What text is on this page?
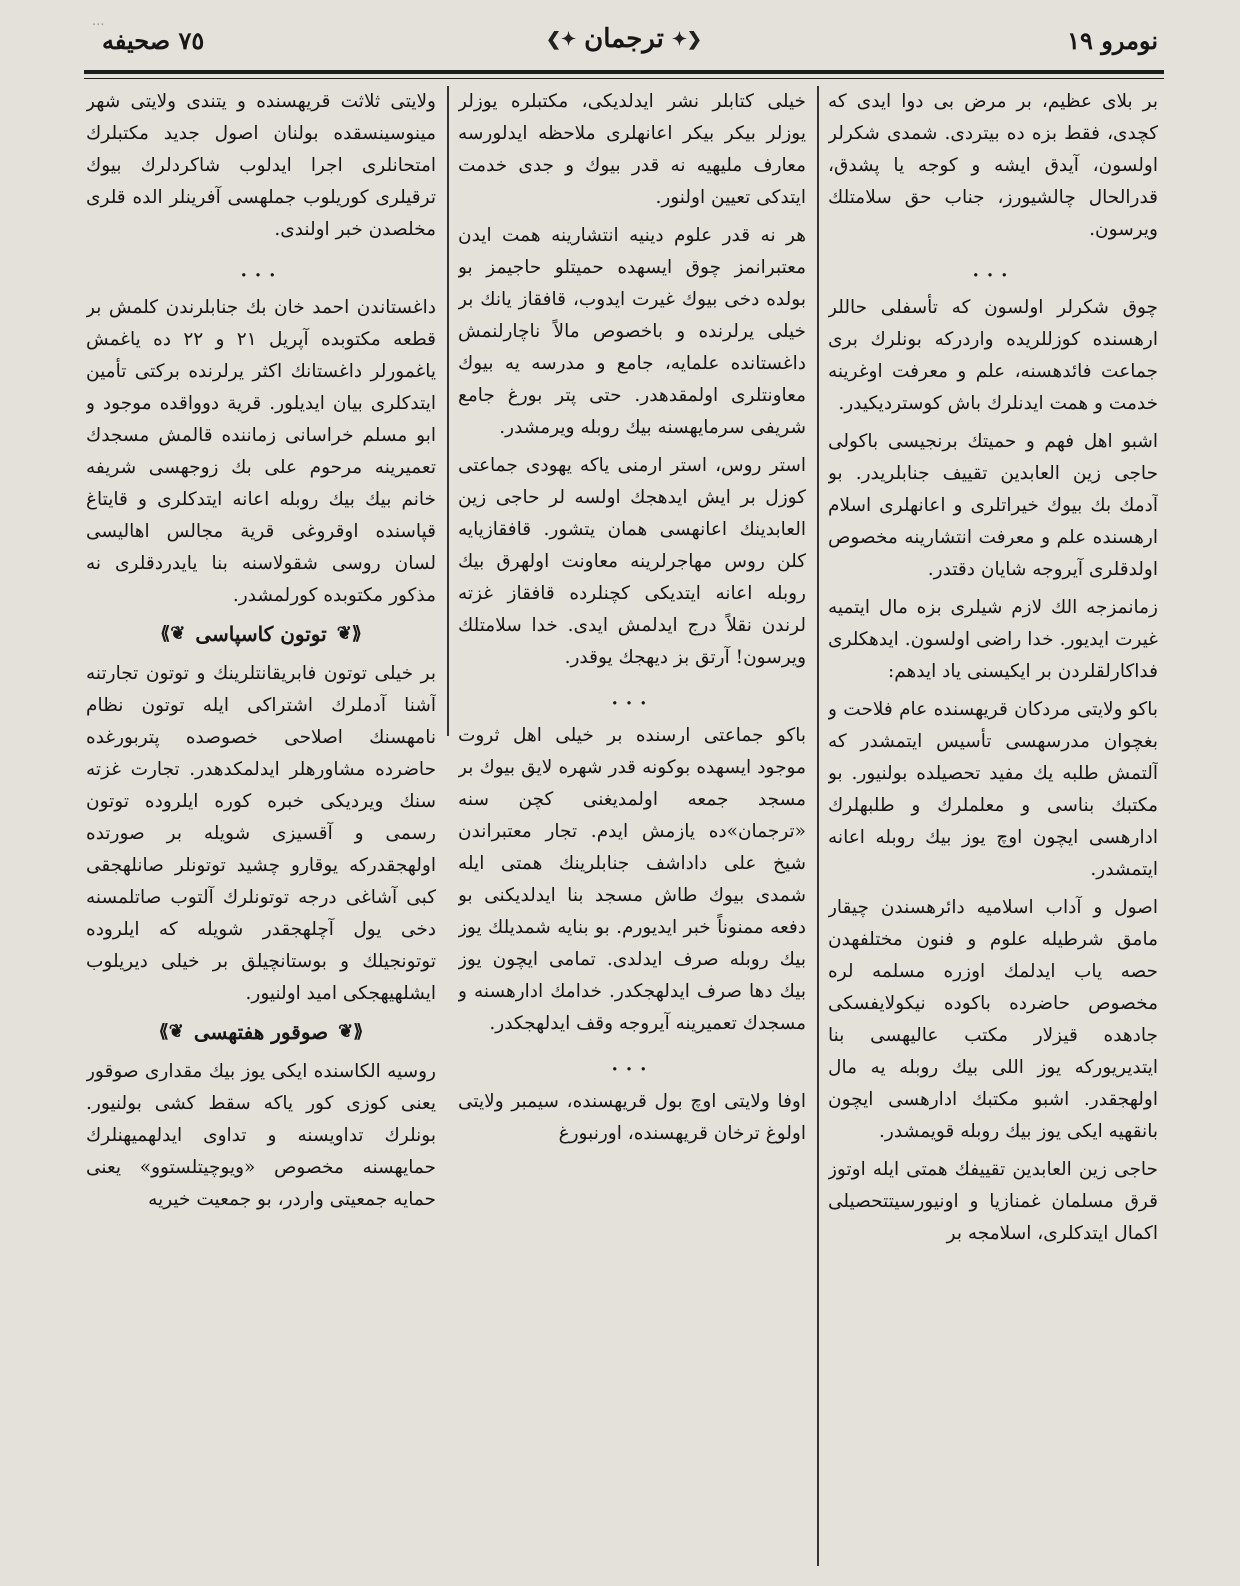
...
نومرو ١٩
❮✦
ترجمان
✦❯
٧٥ صحيفه

بر بلای عظيم، بر مرض بی دوا ايدی كه كچدی، فقط بزه ده بيتردی. شمدی شكرلر اولسون، آيدق ايشه و كوجه يا پشدق، قدرالحال چالشيورز، جناب حق سلامتلك ويرسون.

...

چوق شكرلر اولسون كه تأسفلی حاللر ارهسنده كوزللريده واردركه بونلرك بری جماعت فائدهسنه، علم و معرفت اوغرينه خدمت و همت ايدنلرك باش كوستردیكيدر.

اشبو اهل فهم و حميتك برنجيسی باكولی حاجی زين العابدين تقييف جنابلريدر. بو آدمك بك بيوك خيراتلری و اعانهلری اسلام ارهسنده علم و معرفت انتشارينه مخصوص اولدقلری آيروجه شايان دقتدر.

زمانمزجه الك لازم شيلری بزه مال ايتميه غيرت ايديور. خدا راضی اولسون. ايدهكلری فداكارلقلردن بر ايكيسنی ياد ايدهم:

باكو ولايتی مردكان قريهسنده عام فلاحت و بغچوان مدرسهسی تأسيس ايتمشدر كه آلتمش طلبه يك مفيد تحصيلده بولنيور. بو مكتبك بناسی و معلملرك و طلبهلرك ادارهسی ايچون اوچ يوز بيك روبله اعانه ايتمشدر.

اصول و آداب اسلاميه دائرهسندن چيقار مامق شرطيله علوم و فنون مختلفهدن حصه ياب ايدلمك اوزره مسلمه لره مخصوص حاضرده باكوده نيكولايفسكی جادهده قيزلار مكتب عاليهسی بنا ايتديريوركه يوز اللی بيك روبله يه مال اولهجقدر. اشبو مكتبك ادارهسی ايچون بانقهيه ايكی يوز بيك روبله قويمشدر.

حاجی زين العابدين تقييفك همتی ايله اوتوز قرق مسلمان غمنازيا و اونيورسيتتحصيلی اكمال ايتدكلری، اسلامجه بر

خيلی كتابلر نشر ايدلديكی، مكتبلره يوزلر يوزلر بيكر بيكر اعانهلری ملاحظه ايدلورسه معارف مليهيه نه قدر بيوك و جدی خدمت ايتدكی تعيين اولنور.

هر نه قدر علوم دينيه انتشارينه همت ايدن معتبرانمز چوق ايسهده حميتلو حاجيمز بو بولده دخی بيوك غيرت ايدوب، قافقاز يانك بر خيلی يرلرنده و باخصوص مالاً ناچارلنمش داغستانده علمايه، جامع و مدرسه يه بيوك معاونتلری اولمقدهدر. حتی پتر بورغ جامع شريفی سرمايهسنه بيك روبله ويرمشدر.

استر روس، استر ارمنی ياكه يهودی جماعتی كوزل بر ايش ايدهجك اولسه لر حاجی زين العابدينك اعانهسی همان يتشور. قافقازيايه كلن روس مهاجرلرينه معاونت اولهرق بيك روبله اعانه ايتديكی كچنلرده قافقاز غزته لرندن نقلاً درج ايدلمش ايدی. خدا سلامتلك ويرسون! آرتق بز ديهجك يوقدر.

...

باكو جماعتی ارسنده بر خيلی اهل ثروت موجود ايسهده بوكونه قدر شهره لايق بيوك بر مسجد جمعه اولمديغنی كچن سنه «ترجمان»ده يازمش ايدم. تجار معتبراندن شيخ علی داداشف جنابلرينك همتی ايله شمدی بيوك طاش مسجد بنا ايدلديكنی بو دفعه ممنوناً خبر ايديورم. بو بنايه شمديلك يوز بيك روبله صرف ايدلدی. تمامی ايچون يوز بيك دها صرف ايدلهجكدر. خدامك ادارهسنه و مسجدك تعميرينه آيروجه وقف ايدلهجكدر.

...

اوفا ولايتی اوچ بول قريهسنده، سيمبر ولايتی اولوغ ترخان قريهسنده، اورنبورغ

ولايتی ثلاثت قريهسنده و يتندی ولايتی شهر مينوسينسقده بولنان اصول جديد مكتبلرك امتحانلری اجرا ايدلوب شاكردلرك بيوك ترقيلری كوريلوب جملهسی آفرينلر الده قلری مخلصدن خبر اولندی.

...

داغستاندن احمد خان بك جنابلرندن كلمش بر قطعه مكتوبده آپريل ٢١ و ٢٢ ده ياغمش ياغمورلر داغستانك اكثر يرلرنده بركتی تأمين ايتدكلری بيان ايديلور. قرية دوواقده موجود و ابو مسلم خراسانی زماننده قالمش مسجدك تعميرينه مرحوم علی بك زوجهسی شريفه خانم بيك بيك روبله اعانه ايتدكلری و قايتاغ قپاسنده اوقروغی قرية مجالس اهاليسی لسان روسی شقولاسنه بنا يايدردقلری نه مذكور مكتوبده كورلمشدر.

⟪❦
توتون كاسپاسی
❦⟫

بر خيلی توتون فابريقانتلرينك و توتون تجارتنه آشنا آدملرك اشتراكی ايله توتون نظام نامهسنك اصلاحی خصوصده پتربورغده حاضرده مشاورهلر ايدلمكدهدر. تجارت غزته سنك ويرديكی خبره كوره ايلروده توتون رسمی و آقسيزی شويله بر صورتده اولهجقدركه يوقارو چشيد توتونلر صانلهجقی كبی آشاغی درجه توتونلرك آلتوب صاتلمسنه دخی يول آچلهجقدر شويله كه ايلروده توتونجيلك و بوستانچيلق بر خيلی ديريلوب ايشلهيهجكی اميد اولنيور.

⟪❦
صوقور هفتهسی
❦⟫

روسيه الكاسنده ايكی يوز بيك مقداری صوقور يعنی كوزی كور ياكه سقط كشی بولنيور. بونلرك تداويسنه و تداوی ايدلهميهنلرك حمايهسنه مخصوص «ويوچيتلستوو» يعنی حمايه جمعيتی واردر، بو جمعيت خيريه
